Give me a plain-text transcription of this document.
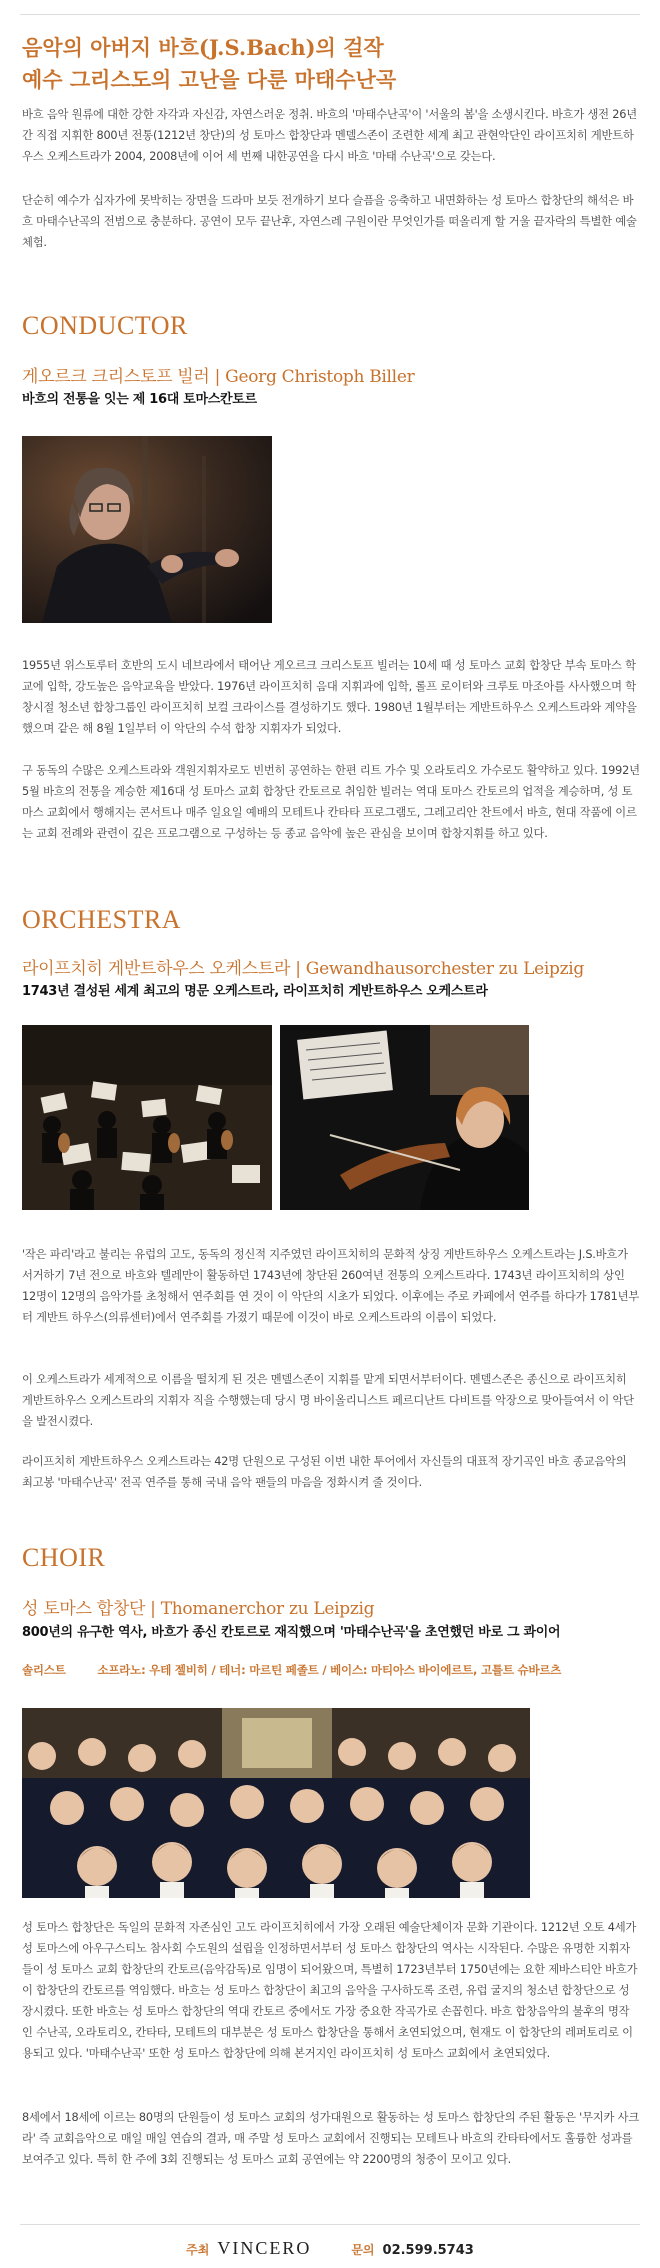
음악의 아버지 바흐(J.S.Bach)의 걸작
예수 그리스도의 고난을 다룬 마태수난곡

바흐 음악 원류에 대한 강한 자각과 자신감, 자연스러운 정취. 바흐의 '마태수난곡'이 '서울의 봄'을 소생시킨다. 바흐가 생전 26년간 직접 지휘한 800년 전통(1212년 창단)의 성 토마스 합창단과 멘델스존이 조련한 세계 최고 관현악단인 라이프치히 게반트하우스 오케스트라가 2004, 2008년에 이어 세 번째 내한공연을 다시 바흐 '마태 수난곡'으로 갖는다.

단순히 예수가 십자가에 못박히는 장면을 드라마 보듯 전개하기 보다 슬픔을 응축하고 내면화하는 성 토마스 합창단의 해석은 바흐 마태수난곡의 전범으로 충분하다. 공연이 모두 끝난후, 자연스레 구원이란 무엇인가를 떠올리게 할 거울 끝자락의 특별한 예술 체험.

CONDUCTOR
게오르크 크리스토프 빌러 | Georg Christoph Biller
바흐의 전통을 잇는 제 16대 토마스칸토르

1955년 위스토루터 호반의 도시 네브라에서 태어난 게오르크 크리스토프 빌러는 10세 때 성 토마스 교회 합창단 부속 토마스 학교에 입학, 강도높은 음악교육을 받았다. 1976년 라이프치히 음대 지휘과에 입학, 롤프 로이터와 크루토 마조아를 사사했으며 학창시절 청소년 합창그룹인 라이프치히 보컬 크라이스를 결성하기도 했다. 1980년 1월부터는 게반트하우스 오케스트라와 계약을 했으며 같은 해 8월 1일부터 이 악단의 수석 합창 지휘자가 되었다.

구 동독의 수많은 오케스트라와 객원지휘자로도 빈번히 공연하는 한편 리트 가수 및 오라토리오 가수로도 활약하고 있다. 1992년 5월 바흐의 전통을 계승한 제16대 성 토마스 교회 합창단 칸토르로 취임한 빌러는 역대 토마스 칸토르의 업적을 계승하며, 성 토마스 교회에서 행해지는 콘서트나 매주 일요일 예배의 모테트나 칸타타 프로그램도, 그레고리안 찬트에서 바흐, 현대 작품에 이르는 교회 전례와 관련이 깊은 프로그램으로 구성하는 등 종교 음악에 높은 관심을 보이며 합창지휘를 하고 있다.

ORCHESTRA
라이프치히 게반트하우스 오케스트라 | Gewandhausorchester zu Leipzig
1743년 결성된 세계 최고의 명문 오케스트라, 라이프치히 게반트하우스 오케스트라

'작은 파리'라고 불리는 유럽의 고도, 동독의 정신적 지주였던 라이프치히의 문화적 상징 게반트하우스 오케스트라는 J.S.바흐가 서거하기 7년 전으로 바흐와 텔레만이 활동하던 1743년에 창단된 260여년 전통의 오케스트라다. 1743년 라이프치히의 상인 12명이 12명의 음악가를 초청해서 연주회를 연 것이 이 악단의 시초가 되었다. 이후에는 주로 카페에서 연주를 하다가 1781년부터 게반트 하우스(의류센터)에서 연주회를 가졌기 때문에 이것이 바로 오케스트라의 이름이 되었다.

이 오케스트라가 세계적으로 이름을 떨치게 된 것은 멘델스존이 지휘를 맡게 되면서부터이다. 멘델스존은 종신으로 라이프치히 게반트하우스 오케스트라의 지휘자 직을 수행했는데 당시 명 바이올리니스트 페르디난트 다비트를 악장으로 맞아들여서 이 악단을 발전시켰다.

라이프치히 게반트하우스 오케스트라는 42명 단원으로 구성된 이번 내한 투어에서 자신들의 대표적 장기곡인 바흐 종교음악의 최고봉 '마태수난곡' 전곡 연주를 통해 국내 음악 팬들의 마음을 정화시켜 줄 것이다.

CHOIR
성 토마스 합창단 | Thomanerchor zu Leipzig
800년의 유구한 역사, 바흐가 종신 칸토르로 재직했으며 '마태수난곡'을 초연했던 바로 그 콰이어
솔리스트	소프라노: 우테 젤비히 / 테너: 마르틴 페졸트 / 베이스: 마티아스 바이에르트, 고틀트 슈바르츠

성 토마스 합창단은 독일의 문화적 자존심인 고도 라이프치히에서 가장 오래된 예술단체이자 문화 기관이다. 1212년 오토 4세가 성 토마스에 아우구스티노 참사회 수도원의 설립을 인정하면서부터 성 토마스 합창단의 역사는 시작된다. 수많은 유명한 지휘자들이 성 토마스 교회 합창단의 칸토르(음악감독)로 임명이 되어왔으며, 특별히 1723년부터 1750년에는 요한 제바스티안 바흐가 이 합창단의 칸토르를 역임했다. 바흐는 성 토마스 합창단이 최고의 음악을 구사하도록 조련, 유럽 굴지의 청소년 합창단으로 성장시켰다. 또한 바흐는 성 토마스 합창단의 역대 칸토르 중에서도 가장 중요한 작곡가로 손꼽힌다. 바흐 합창음악의 불후의 명작인 수난곡, 오라토리오, 칸타타, 모테트의 대부분은 성 토마스 합창단을 통해서 초연되었으며, 현재도 이 합창단의 레퍼토리로 이용되고 있다. '마태수난곡' 또한 성 토마스 합창단에 의해 본거지인 라이프치히 성 토마스 교회에서 초연되었다.

8세에서 18세에 이르는 80명의 단원들이 성 토마스 교회의 성가대원으로 활동하는 성 토마스 합창단의 주된 활동은 '무지카 사크라' 즉 교회음악으로 매일 매일 연습의 결과, 매 주말 성 토마스 교회에서 진행되는 모테트나 바흐의 칸타타에서도 훌륭한 성과를 보여주고 있다. 특히 한 주에 3회 진행되는 성 토마스 교회 공연에는 약 2200명의 청중이 모이고 있다.

주최 VINCERO	문의 02.599.5743
